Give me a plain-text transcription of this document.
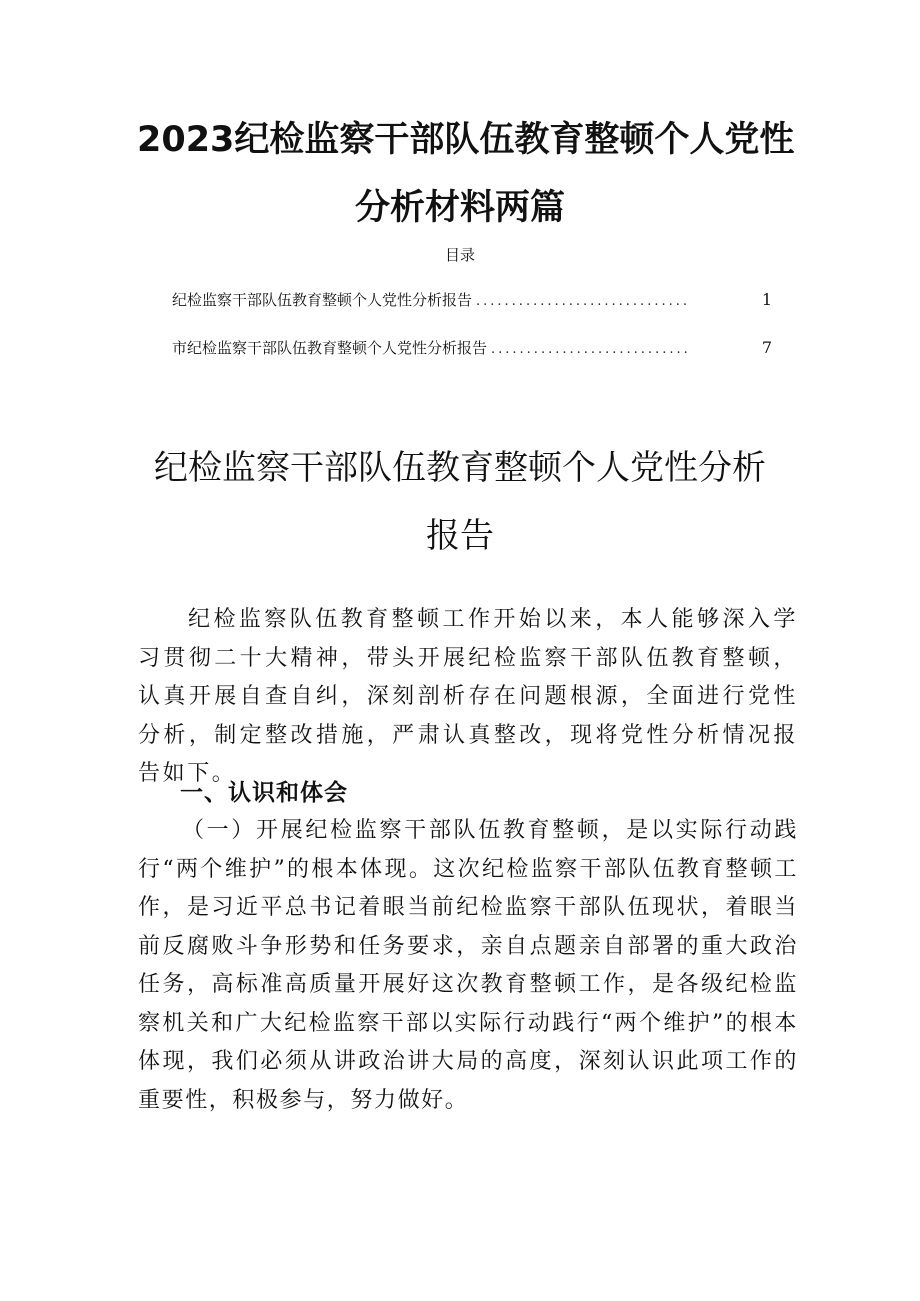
2023纪检监察干部队伍教育整顿个人党性
分析材料两篇
目录
纪检监察干部队伍教育整顿个人党性分析报告 ..............................	1
市纪检监察干部队伍教育整顿个人党性分析报告 ............................	7
纪检监察干部队伍教育整顿个人党性分析
报告

纪检监察队伍教育整顿工作开始以来，本人能够深入学习贯彻二十大精神，带头开展纪检监察干部队伍教育整顿，认真开展自查自纠，深刻剖析存在问题根源，全面进行党性分析，制定整改措施，严肃认真整改，现将党性分析情况报告如下。

一、认识和体会

（一）开展纪检监察干部队伍教育整顿，是以实际行动践行“两个维护”的根本体现。这次纪检监察干部队伍教育整顿工作，是习近平总书记着眼当前纪检监察干部队伍现状，着眼当前反腐败斗争形势和任务要求，亲自点题亲自部署的重大政治任务，高标准高质量开展好这次教育整顿工作，是各级纪检监察机关和广大纪检监察干部以实际行动践行“两个维护”的根本体现，我们必须从讲政治讲大局的高度，深刻认识此项工作的重要性，积极参与，努力做好。
